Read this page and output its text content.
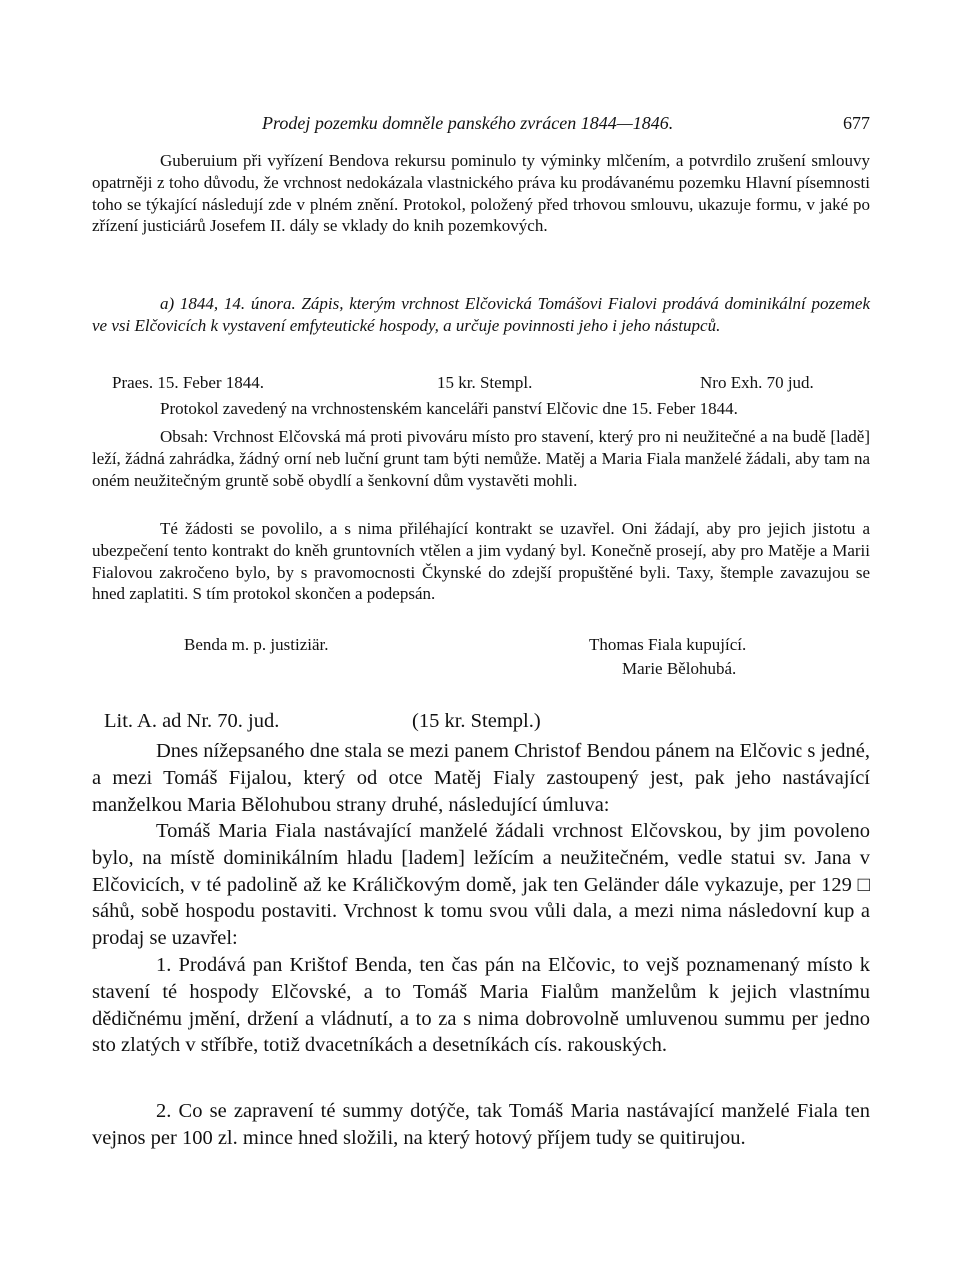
Prodej pozemku domněle panského zvrácen 1844—1846.	677

Guberuium při vyřízení Bendova rekursu pominulo ty výminky mlčením, a potvrdilo zrušení smlouvy opatrněji z toho důvodu, že vrchnost nedokázala vlastnického práva ku prodávanému pozemku Hlavní písemnosti toho se týkající následují zde v plném znění. Protokol, položený před trhovou smlouvu, ukazuje formu, v jaké po zřízení justiciárů Josefem II. dály se vklady do knih pozemkových.

a) 1844, 14. února. Zápis, kterým vrchnost Elčovická Tomášovi Fialovi prodává dominikální pozemek ve vsi Elčovicích k vystavení emfyteutické hospody, a určuje povinnosti jeho i jeho nástupců.

Praes. 15. Feber 1844.	15 kr. Stempl.	Nro Exh. 70 jud.

Protokol zavedený na vrchnostenském kanceláři panství Elčovic dne 15. Feber 1844.

Obsah: Vrchnost Elčovská má proti pivováru místo pro stavení, který pro ni neužitečné a na budě [ladě] leží, žádná zahrádka, žádný orní neb luční grunt tam býti nemůže. Matěj a Maria Fiala manželé žádali, aby tam na oném neužitečným gruntě sobě obydlí a šenkovní dům vystavěti mohli.

Té žádosti se povolilo, a s nima přiléhající kontrakt se uzavřel. Oni žádají, aby pro jejich jistotu a ubezpečení tento kontrakt do kněh gruntovních vtělen a jim vydaný byl. Konečně prosejí, aby pro Matěje a Marii Fialovou zakročeno bylo, by s pravomocnosti Čkynské do zdejší propuštěné byli. Taxy, štemple zavazujou se hned zaplatiti. S tím protokol skončen a podepsán.

Benda m. p. justiziär.	Thomas Fiala kupující.
Marie Bělohubá.
Lit. A. ad Nr. 70. jud.	(15 kr. Stempl.)

Dnes nížepsaného dne stala se mezi panem Christof Bendou pánem na Elčovic s jedné, a mezi Tomáš Fijalou, který od otce Matěj Fialy zastoupený jest, pak jeho nastávající manželkou Maria Bělohubou strany druhé, následující úmluva:

Tomáš Maria Fiala nastávající manželé žádali vrchnost Elčovskou, by jim povoleno bylo, na místě dominikálním hladu [ladem] ležícím a neužitečném, vedle statui sv. Jana v Elčovicích, v té padolině až ke Králičkovým domě, jak ten Geländer dále vykazuje, per 129 □ sáhů, sobě hospodu postaviti. Vrchnost k tomu svou vůli dala, a mezi nima následovní kup a prodaj se uzavřel:

1. Prodává pan Krištof Benda, ten čas pán na Elčovic, to vejš poznamenaný místo k stavení té hospody Elčovské, a to Tomáš Maria Fialům manželům k jejich vlastnímu dědičnému jmění, držení a vládnutí, a to za s nima dobrovolně umluvenou summu per jedno sto zlatých v stříbře, totiž dvacetníkách a desetníkách cís. rakouských.

2. Co se zapravení té summy dotýče, tak Tomáš Maria nastávající manželé Fiala ten vejnos per 100 zl. mince hned složili, na který hotový příjem tudy se quitirujou.
